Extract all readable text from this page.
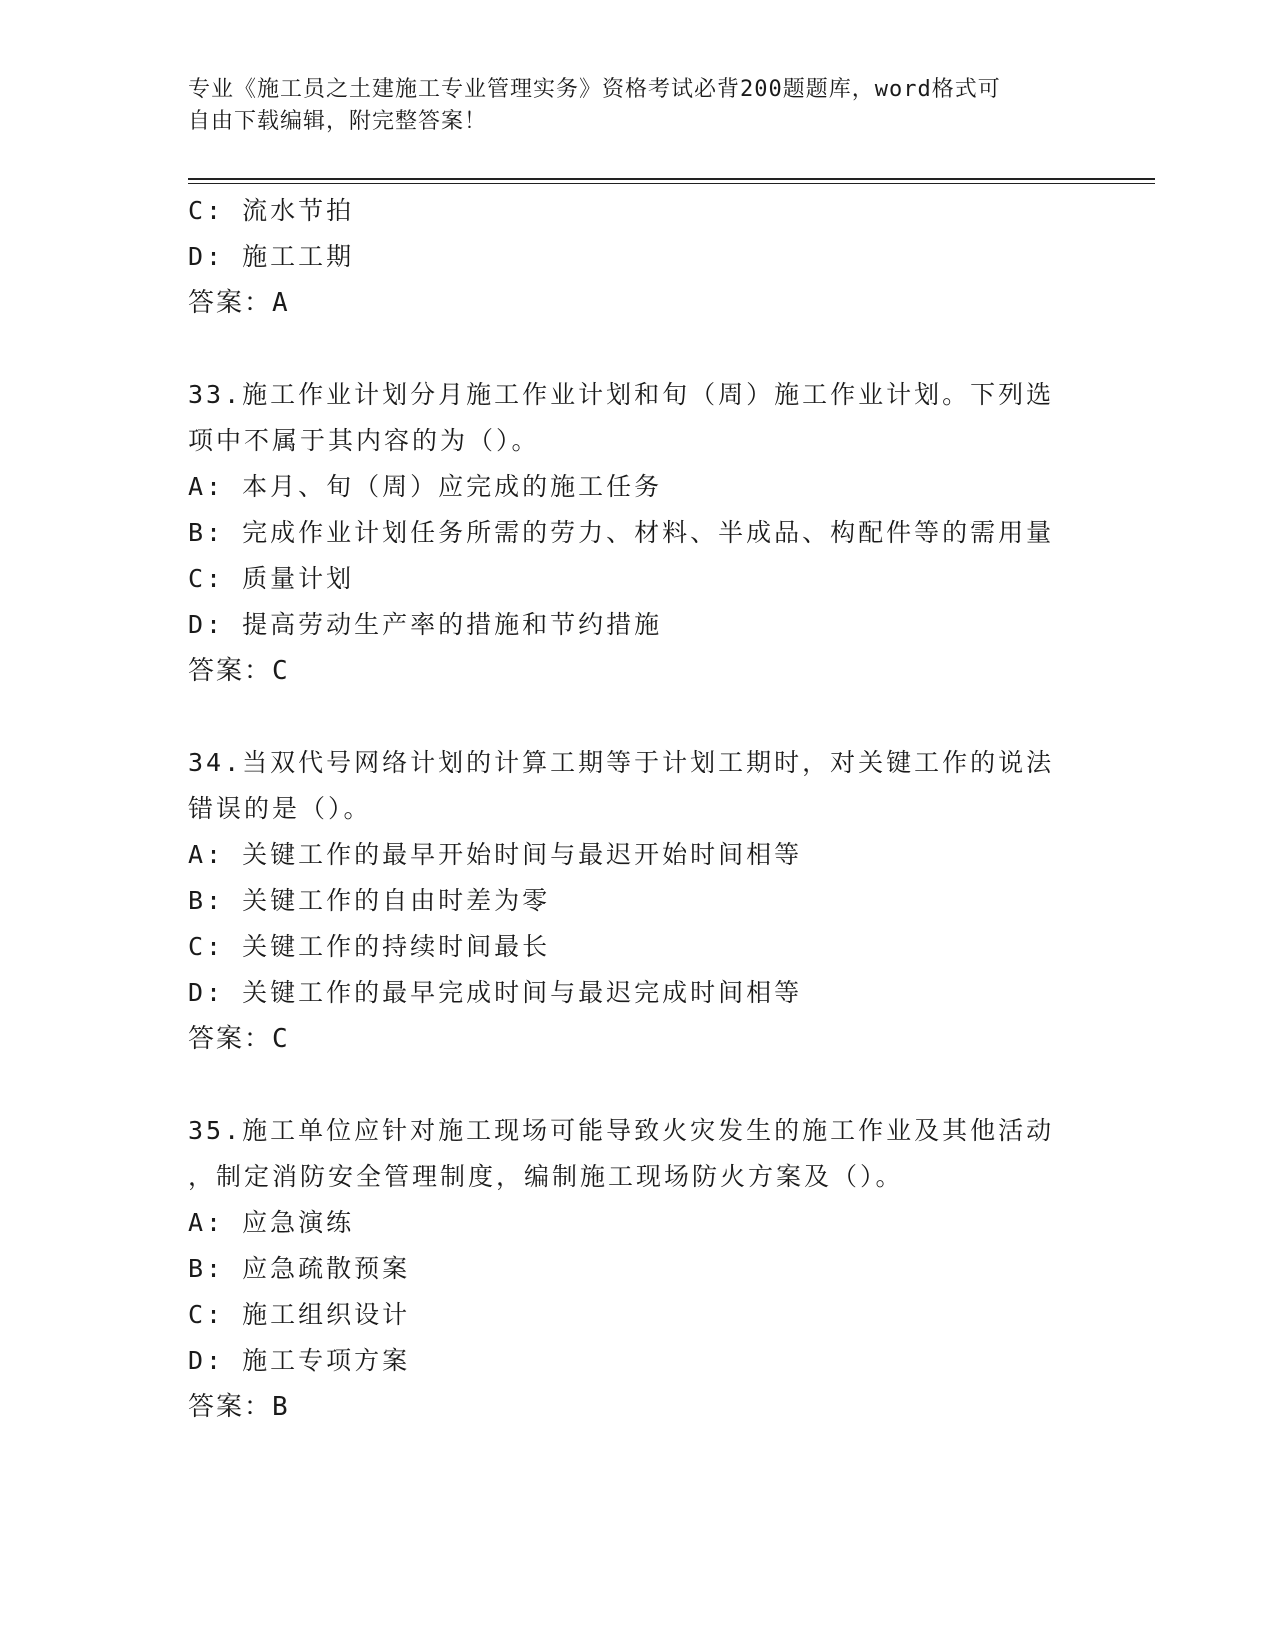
专业《施工员之土建施工专业管理实务》资格考试必背200题题库，word格式可
自由下载编辑，附完整答案！
C: 流水节拍
D: 施工工期
答案：A
33.施工作业计划分月施工作业计划和旬（周）施工作业计划。下列选
项中不属于其内容的为（）。
A: 本月、旬（周）应完成的施工任务
B: 完成作业计划任务所需的劳力、材料、半成品、构配件等的需用量
C: 质量计划
D: 提高劳动生产率的措施和节约措施
答案：C
34.当双代号网络计划的计算工期等于计划工期时，对关键工作的说法
错误的是（）。
A: 关键工作的最早开始时间与最迟开始时间相等
B: 关键工作的自由时差为零
C: 关键工作的持续时间最长
D: 关键工作的最早完成时间与最迟完成时间相等
答案：C
35.施工单位应针对施工现场可能导致火灾发生的施工作业及其他活动
，制定消防安全管理制度，编制施工现场防火方案及（）。
A: 应急演练
B: 应急疏散预案
C: 施工组织设计
D: 施工专项方案
答案：B
